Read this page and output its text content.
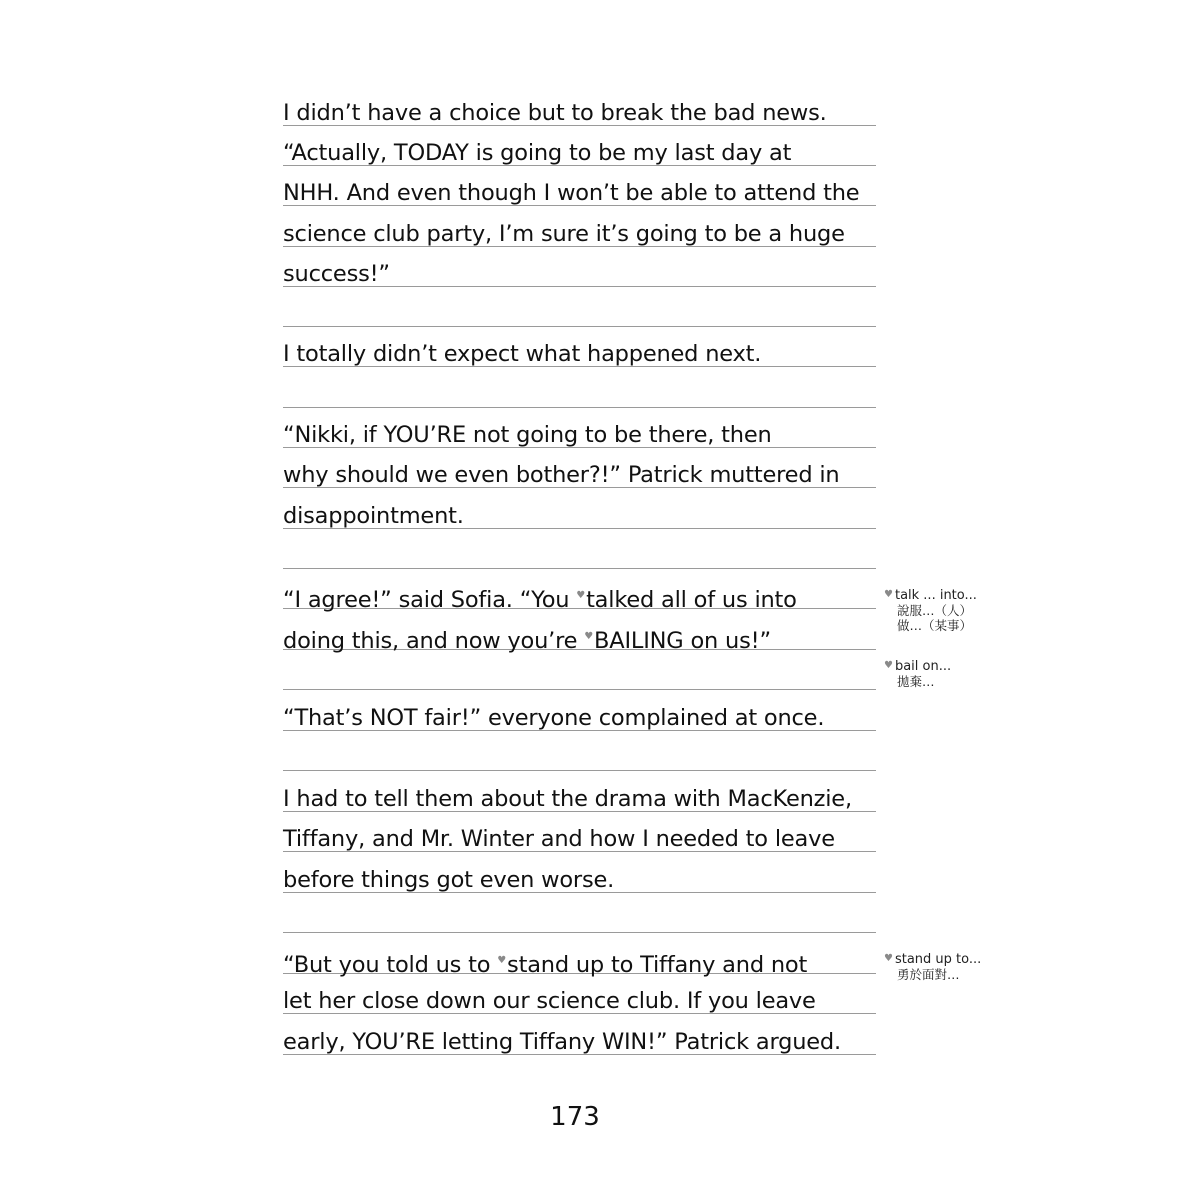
I didn’t have a choice but to break the bad news.
“Actually, TODAY is going to be my last day at
NHH. And even though I won’t be able to attend the
science club party, I’m sure it’s going to be a huge
success!”
I totally didn’t expect what happened next.
“Nikki, if YOU’RE not going to be there, then
why should we even bother?!” Patrick muttered in
disappointment.
“I agree!” said Sofia. “You ♥talked all of us into
doing this, and now you’re ♥BAILING on us!”
“That’s NOT fair!” everyone complained at once.
I had to tell them about the drama with MacKenzie,
Tiffany, and Mr. Winter and how I needed to leave
before things got even worse.
“But you told us to ♥stand up to Tiffany and not
let her close down our science club. If you leave
early, YOU’RE letting Tiffany WIN!” Patrick argued.
♥ talk ... into...
說服…（人）
做…（某事）
♥ bail on...
拋棄…
♥ stand up to...
勇於面對…
173
